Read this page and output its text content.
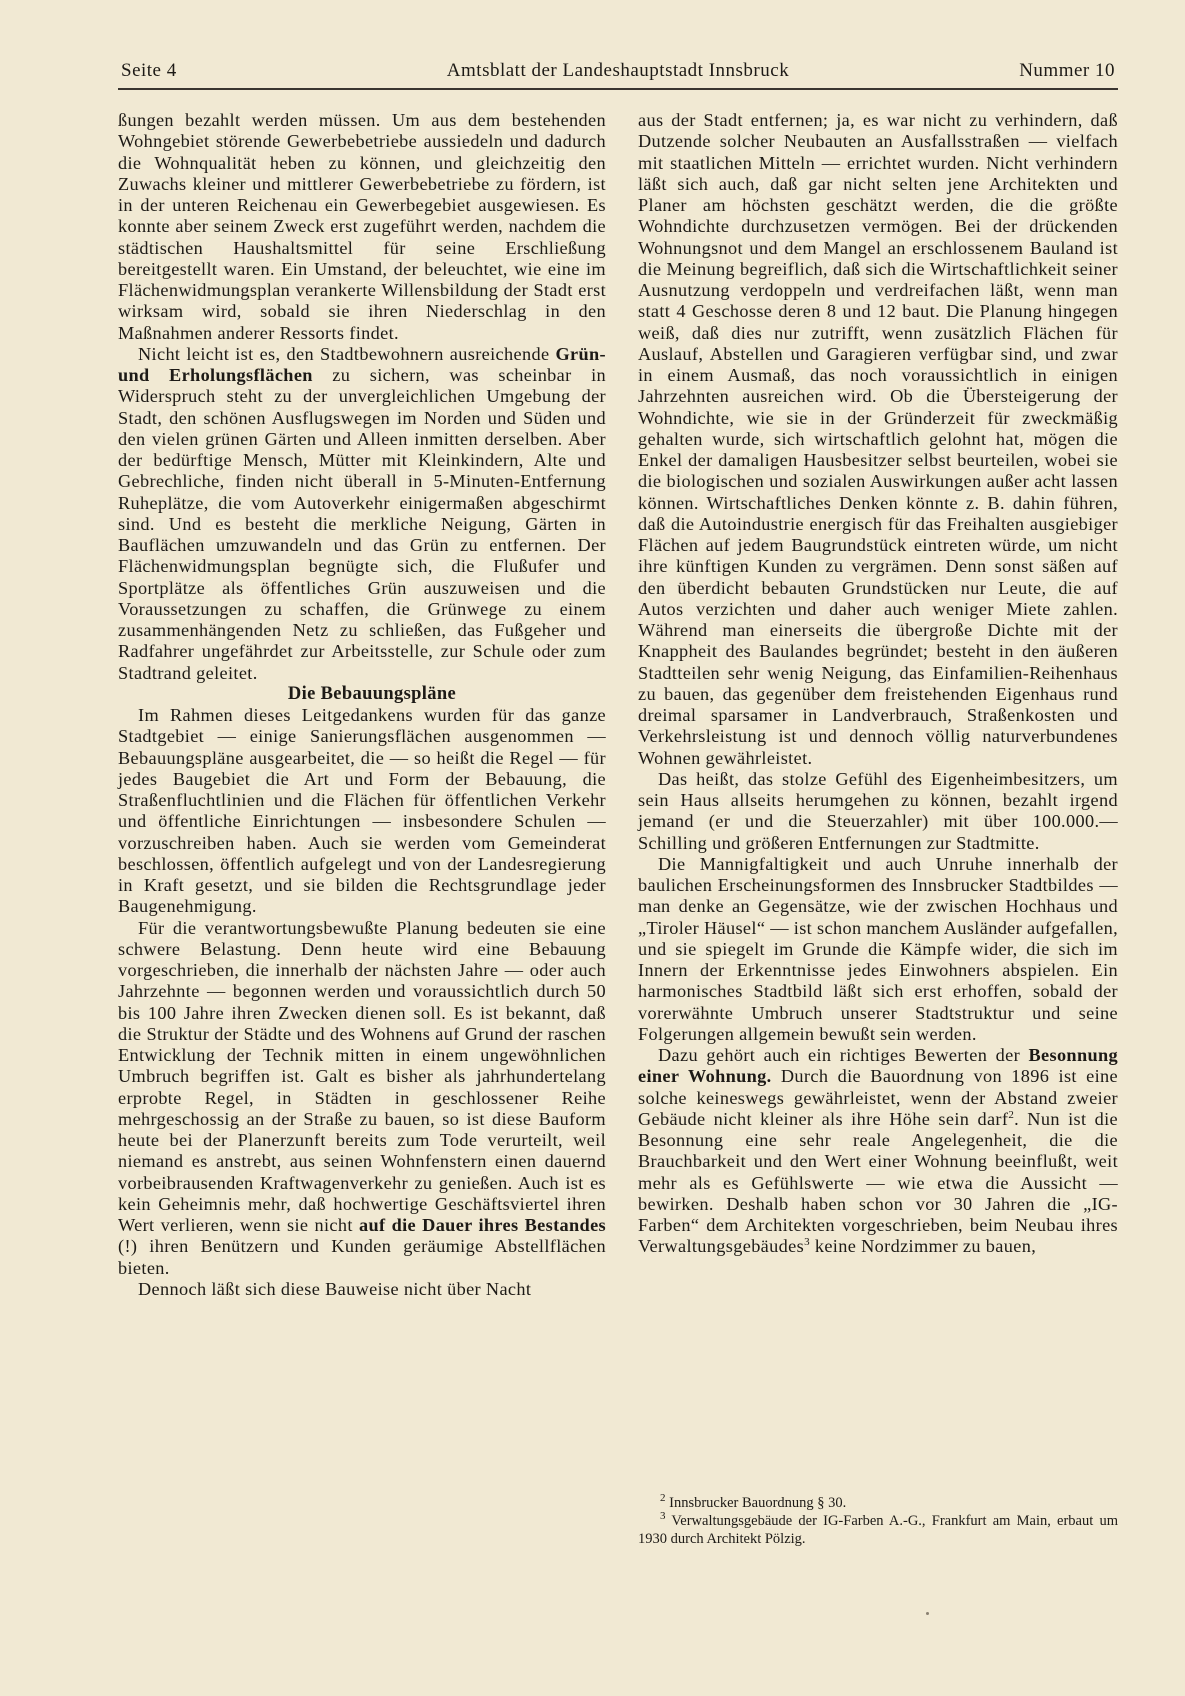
Seite 4	Amtsblatt der Landeshauptstadt Innsbruck	Nummer 10

ßungen bezahlt werden müssen. Um aus dem bestehenden Wohngebiet störende Gewerbebetriebe aussiedeln und dadurch die Wohnqualität heben zu können, und gleichzeitig den Zuwachs kleiner und mittlerer Gewerbebetriebe zu fördern, ist in der unteren Reichenau ein Gewerbegebiet ausgewiesen. Es konnte aber seinem Zweck erst zugeführt werden, nachdem die städtischen Haushaltsmittel für seine Erschließung bereitgestellt waren. Ein Umstand, der beleuchtet, wie eine im Flächenwidmungsplan verankerte Willensbildung der Stadt erst wirksam wird, sobald sie ihren Niederschlag in den Maßnahmen anderer Ressorts findet.

Nicht leicht ist es, den Stadtbewohnern ausreichende Grün- und Erholungsflächen zu sichern, was scheinbar in Widerspruch steht zu der unvergleichlichen Umgebung der Stadt, den schönen Ausflugswegen im Norden und Süden und den vielen grünen Gärten und Alleen inmitten derselben. Aber der bedürftige Mensch, Mütter mit Kleinkindern, Alte und Gebrechliche, finden nicht überall in 5-Minuten-Entfernung Ruheplätze, die vom Autoverkehr einigermaßen abgeschirmt sind. Und es besteht die merkliche Neigung, Gärten in Bauflächen umzuwandeln und das Grün zu entfernen. Der Flächenwidmungsplan begnügte sich, die Flußufer und Sportplätze als öffentliches Grün auszuweisen und die Voraussetzungen zu schaffen, die Grünwege zu einem zusammenhängenden Netz zu schließen, das Fußgeher und Radfahrer ungefährdet zur Arbeitsstelle, zur Schule oder zum Stadtrand geleitet.

Die Bebauungspläne

Im Rahmen dieses Leitgedankens wurden für das ganze Stadtgebiet — einige Sanierungsflächen ausgenommen — Bebauungspläne ausgearbeitet, die — so heißt die Regel — für jedes Baugebiet die Art und Form der Bebauung, die Straßenfluchtlinien und die Flächen für öffentlichen Verkehr und öffentliche Einrichtungen — insbesondere Schulen — vorzuschreiben haben. Auch sie werden vom Gemeinderat beschlossen, öffentlich aufgelegt und von der Landesregierung in Kraft gesetzt, und sie bilden die Rechtsgrundlage jeder Baugenehmigung.

Für die verantwortungsbewußte Planung bedeuten sie eine schwere Belastung. Denn heute wird eine Bebauung vorgeschrieben, die innerhalb der nächsten Jahre — oder auch Jahrzehnte — begonnen werden und voraussichtlich durch 50 bis 100 Jahre ihren Zwecken dienen soll. Es ist bekannt, daß die Struktur der Städte und des Wohnens auf Grund der raschen Entwicklung der Technik mitten in einem ungewöhnlichen Umbruch begriffen ist. Galt es bisher als jahrhundertelang erprobte Regel, in Städten in geschlossener Reihe mehrgeschossig an der Straße zu bauen, so ist diese Bauform heute bei der Planerzunft bereits zum Tode verurteilt, weil niemand es anstrebt, aus seinen Wohnfenstern einen dauernd vorbeibrausenden Kraftwagenverkehr zu genießen. Auch ist es kein Geheimnis mehr, daß hochwertige Geschäftsviertel ihren Wert verlieren, wenn sie nicht auf die Dauer ihres Bestandes (!) ihren Benützern und Kunden geräumige Abstellflächen bieten.

Dennoch läßt sich diese Bauweise nicht über Nacht

aus der Stadt entfernen; ja, es war nicht zu verhindern, daß Dutzende solcher Neubauten an Ausfallsstraßen — vielfach mit staatlichen Mitteln — errichtet wurden. Nicht verhindern läßt sich auch, daß gar nicht selten jene Architekten und Planer am höchsten geschätzt werden, die die größte Wohndichte durchzusetzen vermögen. Bei der drückenden Wohnungsnot und dem Mangel an erschlossenem Bauland ist die Meinung begreiflich, daß sich die Wirtschaftlichkeit seiner Ausnutzung verdoppeln und verdreifachen läßt, wenn man statt 4 Geschosse deren 8 und 12 baut. Die Planung hingegen weiß, daß dies nur zutrifft, wenn zusätzlich Flächen für Auslauf, Abstellen und Garagieren verfügbar sind, und zwar in einem Ausmaß, das noch voraussichtlich in einigen Jahrzehnten ausreichen wird. Ob die Übersteigerung der Wohndichte, wie sie in der Gründerzeit für zweckmäßig gehalten wurde, sich wirtschaftlich gelohnt hat, mögen die Enkel der damaligen Hausbesitzer selbst beurteilen, wobei sie die biologischen und sozialen Auswirkungen außer acht lassen können. Wirtschaftliches Denken könnte z. B. dahin führen, daß die Autoindustrie energisch für das Freihalten ausgiebiger Flächen auf jedem Baugrundstück eintreten würde, um nicht ihre künftigen Kunden zu vergrämen. Denn sonst säßen auf den überdicht bebauten Grundstücken nur Leute, die auf Autos verzichten und daher auch weniger Miete zahlen. Während man einerseits die übergroße Dichte mit der Knappheit des Baulandes begründet; besteht in den äußeren Stadtteilen sehr wenig Neigung, das Einfamilien-Reihenhaus zu bauen, das gegenüber dem freistehenden Eigenhaus rund dreimal sparsamer in Landverbrauch, Straßenkosten und Verkehrsleistung ist und dennoch völlig naturverbundenes Wohnen gewährleistet.

Das heißt, das stolze Gefühl des Eigenheimbesitzers, um sein Haus allseits herumgehen zu können, bezahlt irgend jemand (er und die Steuerzahler) mit über 100.000.— Schilling und größeren Entfernungen zur Stadtmitte.

Die Mannigfaltigkeit und auch Unruhe innerhalb der baulichen Erscheinungsformen des Innsbrucker Stadtbildes — man denke an Gegensätze, wie der zwischen Hochhaus und „Tiroler Häusel“ — ist schon manchem Ausländer aufgefallen, und sie spiegelt im Grunde die Kämpfe wider, die sich im Innern der Erkenntnisse jedes Einwohners abspielen. Ein harmonisches Stadtbild läßt sich erst erhoffen, sobald der vorerwähnte Umbruch unserer Stadtstruktur und seine Folgerungen allgemein bewußt sein werden.

Dazu gehört auch ein richtiges Bewerten der Besonnung einer Wohnung. Durch die Bauordnung von 1896 ist eine solche keineswegs gewährleistet, wenn der Abstand zweier Gebäude nicht kleiner als ihre Höhe sein darf$^2$. Nun ist die Besonnung eine sehr reale Angelegenheit, die die Brauchbarkeit und den Wert einer Wohnung beeinflußt, weit mehr als es Gefühlswerte — wie etwa die Aussicht — bewirken. Deshalb haben schon vor 30 Jahren die „IG-Farben“ dem Architekten vorgeschrieben, beim Neubau ihres Verwaltungsgebäudes$^3$ keine Nordzimmer zu bauen,

$^2$ Innsbrucker Bauordnung § 30.
$^3$ Verwaltungsgebäude der IG-Farben A.-G., Frankfurt am Main, erbaut um 1930 durch Architekt Pölzig.
